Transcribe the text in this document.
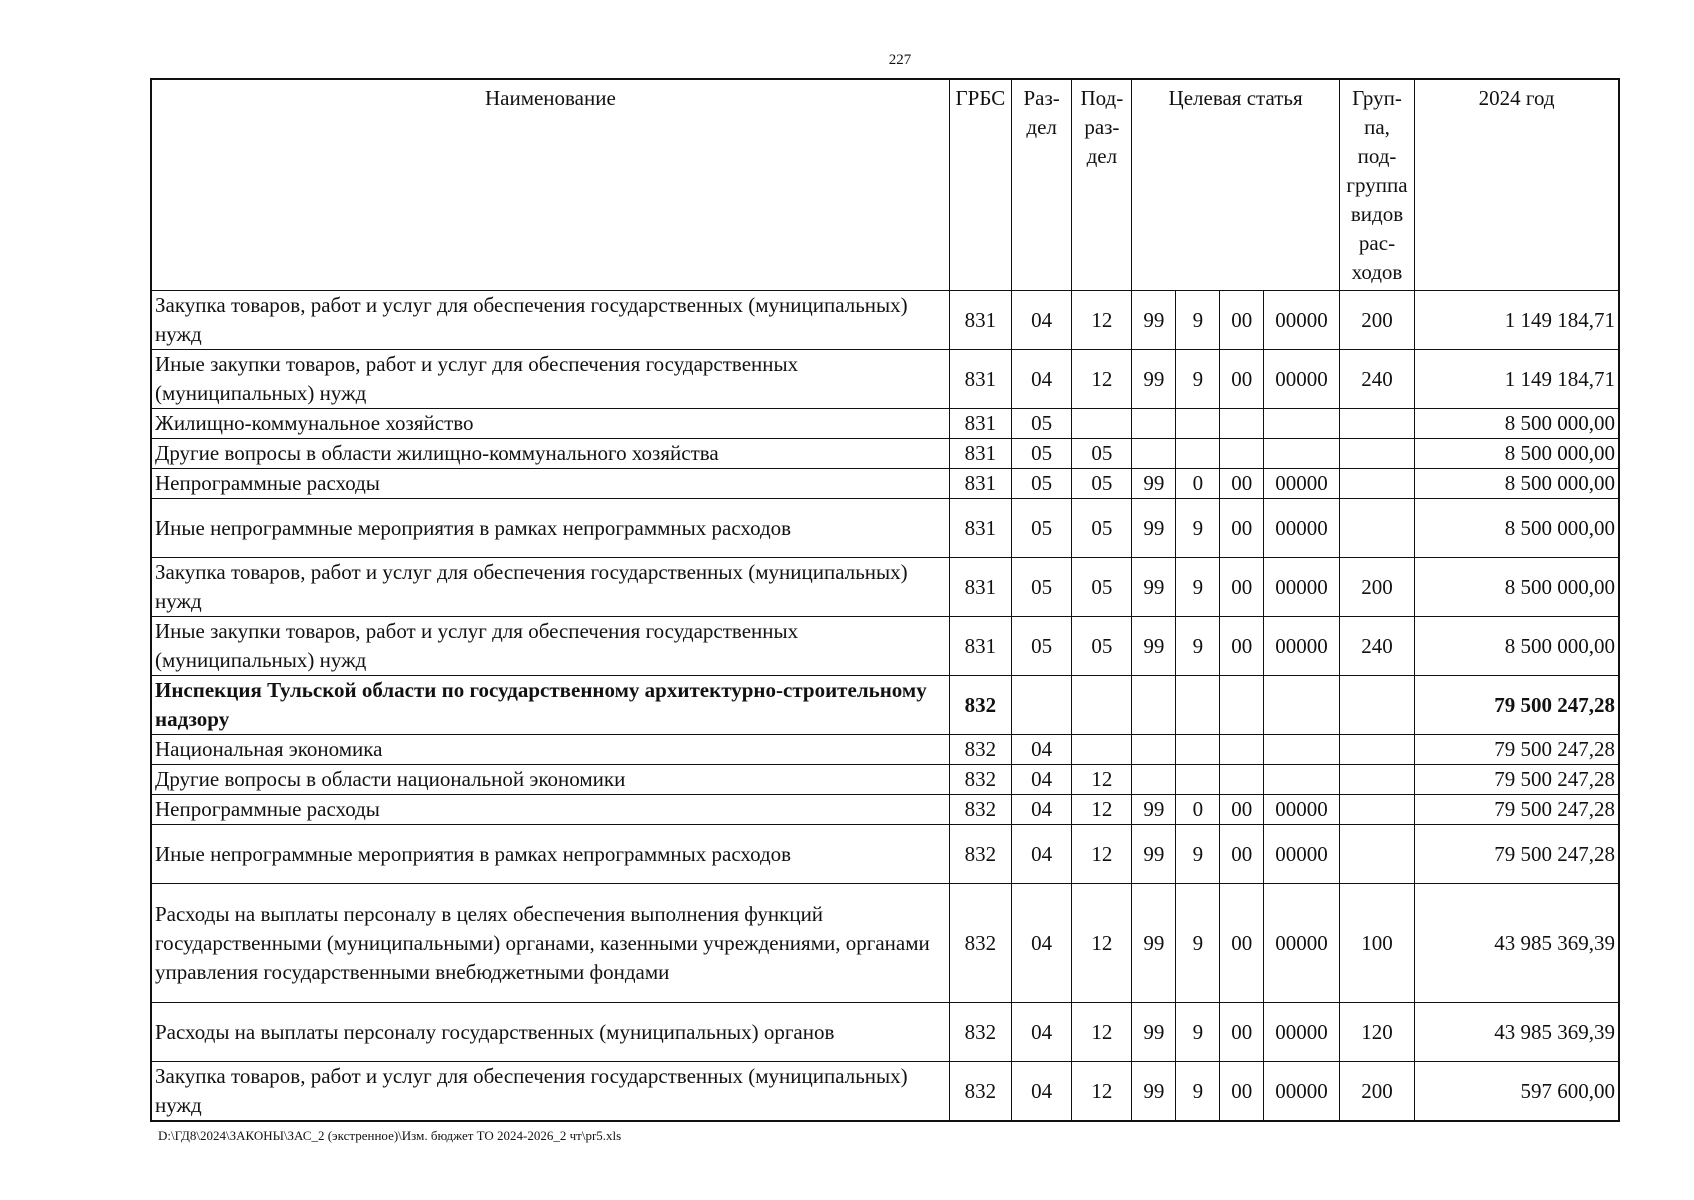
227
Наименование	ГРБС	Раз-дел	Под-раз-дел	Целевая статья				Груп-па, под-группа видов рас-ходов	2024 год
Закупка товаров, работ и услуг для обеспечения государственных (муниципальных) нужд	831	04	12	99	9	00	00000	200	1 149 184,71
Иные закупки товаров, работ и услуг для обеспечения государственных (муниципальных) нужд	831	04	12	99	9	00	00000	240	1 149 184,71
Жилищно-коммунальное хозяйство	831	05							8 500 000,00
Другие вопросы в области жилищно-коммунального хозяйства	831	05	05						8 500 000,00
Непрограммные расходы	831	05	05	99	0	00	00000		8 500 000,00
Иные непрограммные мероприятия в рамках непрограммных расходов	831	05	05	99	9	00	00000		8 500 000,00
Закупка товаров, работ и услуг для обеспечения государственных (муниципальных) нужд	831	05	05	99	9	00	00000	200	8 500 000,00
Иные закупки товаров, работ и услуг для обеспечения государственных (муниципальных) нужд	831	05	05	99	9	00	00000	240	8 500 000,00
Инспекция Тульской области по государственному архитектурно-строительному надзору	832								79 500 247,28
Национальная экономика	832	04							79 500 247,28
Другие вопросы в области национальной экономики	832	04	12						79 500 247,28
Непрограммные расходы	832	04	12	99	0	00	00000		79 500 247,28
Иные непрограммные мероприятия в рамках непрограммных расходов	832	04	12	99	9	00	00000		79 500 247,28
Расходы на выплаты персоналу в целях обеспечения выполнения функций государственными (муниципальными) органами, казенными учреждениями, органами управления государственными внебюджетными фондами	832	04	12	99	9	00	00000	100	43 985 369,39
Расходы на выплаты персоналу государственных (муниципальных) органов	832	04	12	99	9	00	00000	120	43 985 369,39
Закупка товаров, работ и услуг для обеспечения государственных (муниципальных) нужд	832	04	12	99	9	00	00000	200	597 600,00
D:\ГД8\2024\ЗАКОНЫ\ЗАС_2 (экстренное)\Изм. бюджет ТО 2024-2026_2 чт\pr5.xls
